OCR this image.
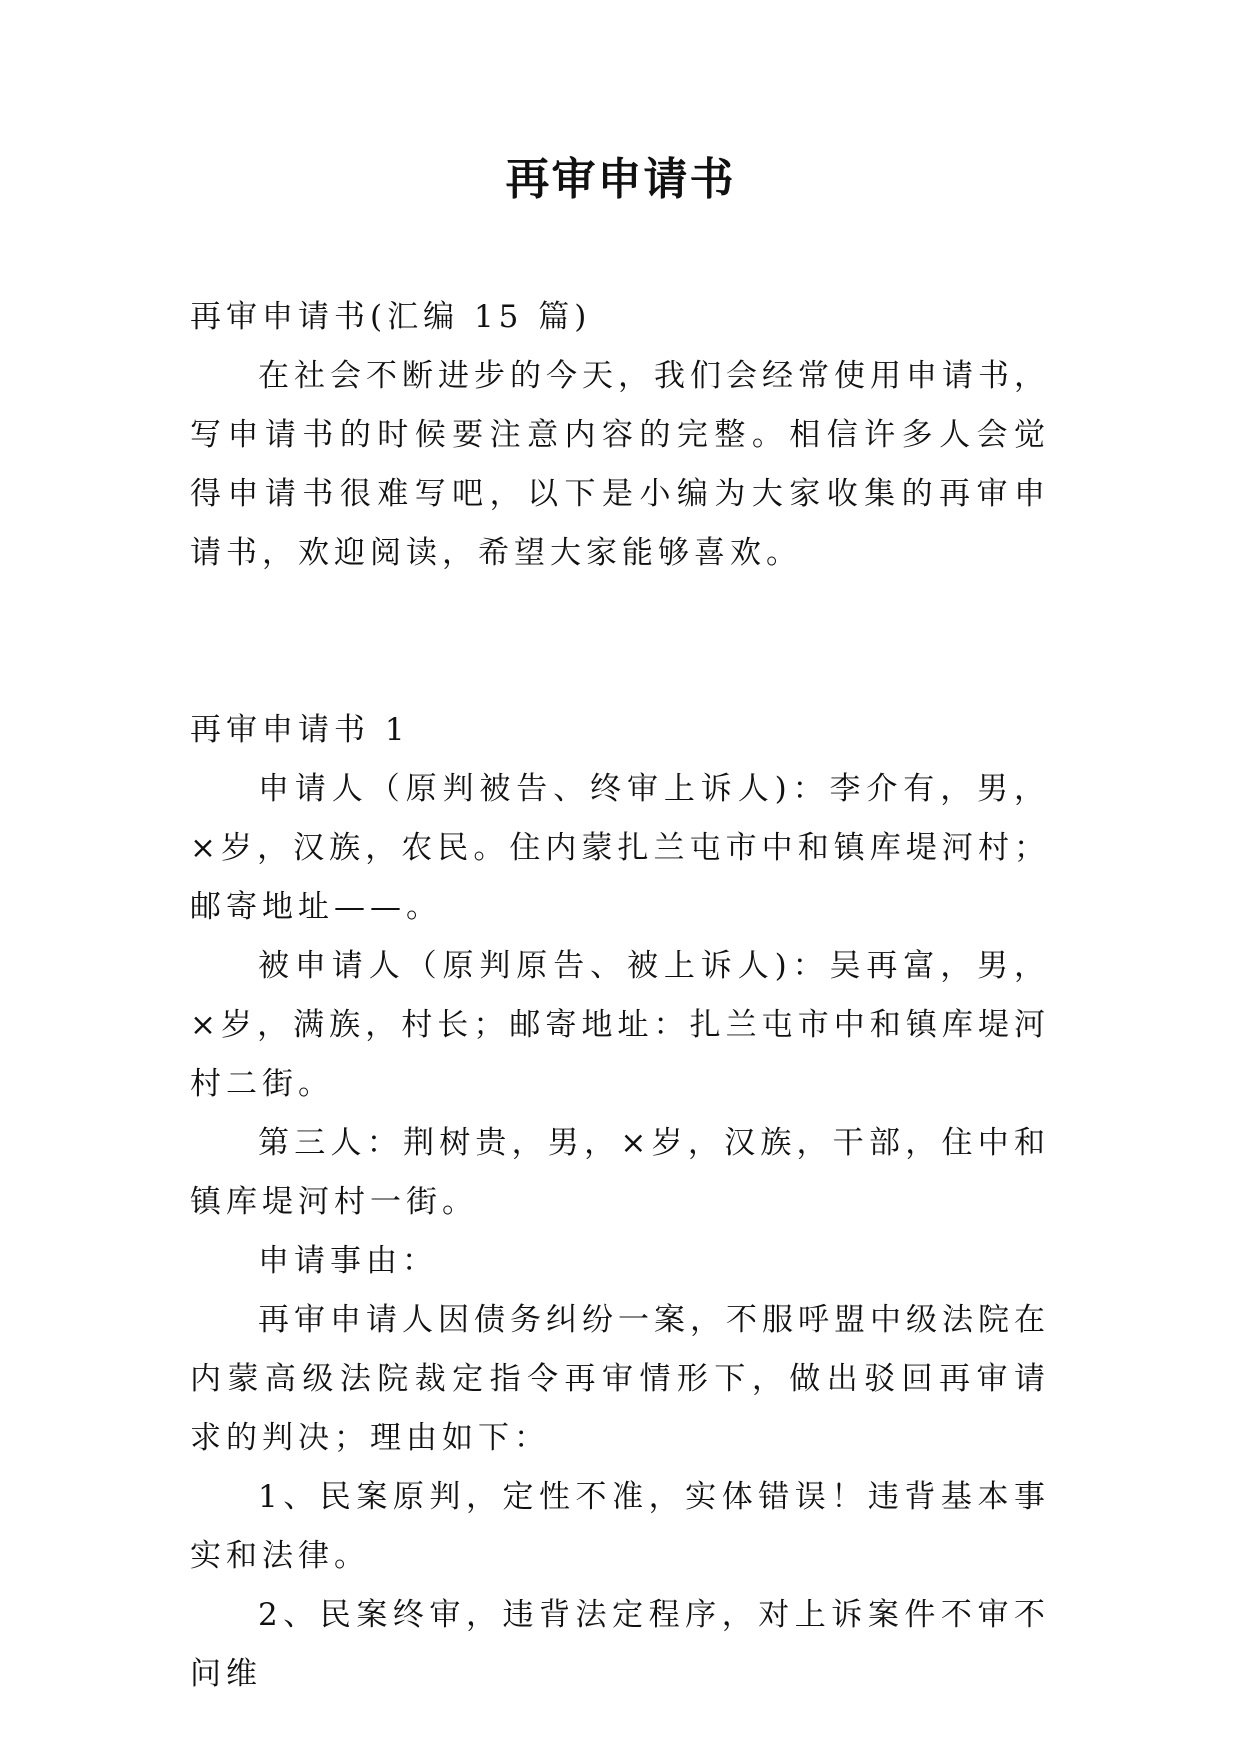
再审申请书

再审申请书(汇编 15 篇)

在社会不断进步的今天，我们会经常使用申请书，写申请书的时候要注意内容的完整。相信许多人会觉得申请书很难写吧，以下是小编为大家收集的再审申请书，欢迎阅读，希望大家能够喜欢。

再审申请书 1

申请人（原判被告、终审上诉人)：李介有，男，×岁，汉族，农民。住内蒙扎兰屯市中和镇库堤河村；邮寄地址——。

被申请人（原判原告、被上诉人)：吴再富，男，×岁，满族，村长；邮寄地址：扎兰屯市中和镇库堤河村二街。

第三人：荆树贵，男，×岁，汉族，干部，住中和镇库堤河村一街。

申请事由：

再审申请人因债务纠纷一案，不服呼盟中级法院在内蒙高级法院裁定指令再审情形下，做出驳回再审请求的判决；理由如下：

1、民案原判，定性不准，实体错误！违背基本事实和法律。

2、民案终审，违背法定程序，对上诉案件不审不问维
